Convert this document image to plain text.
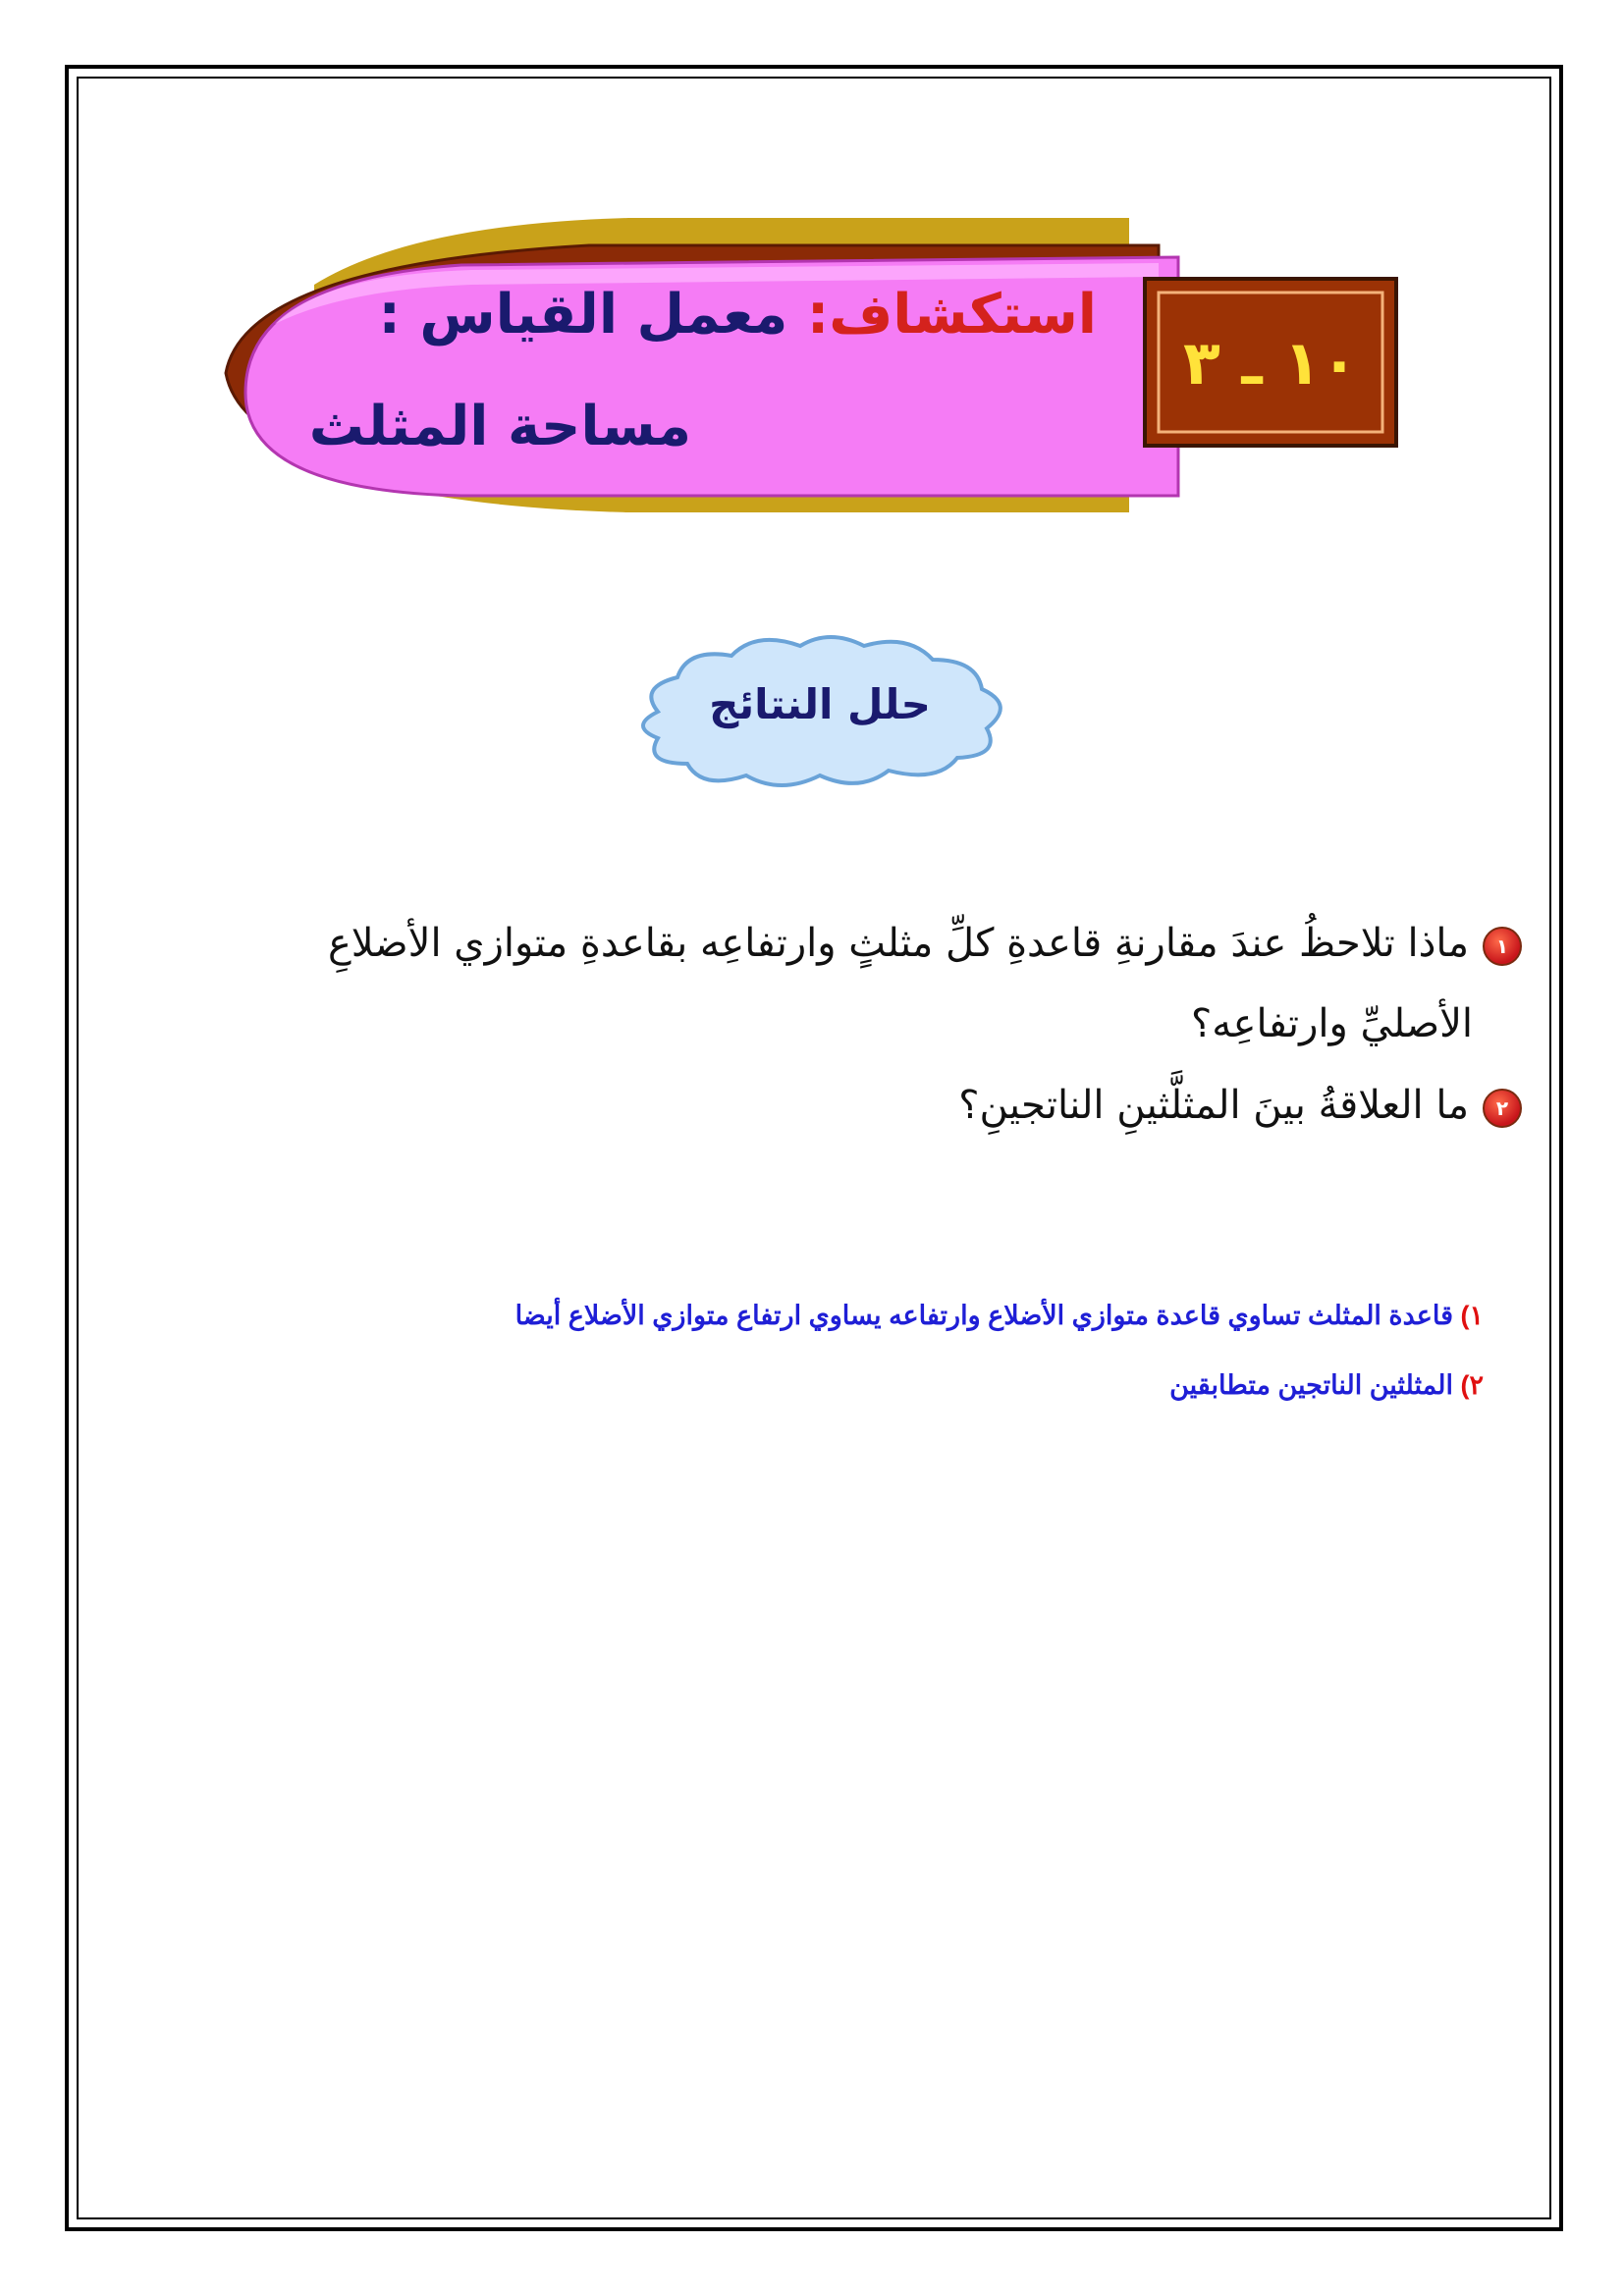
استكشاف: معمل القياس :
مساحة المثلث
١٠ ـ ٣
حلل النتائج
١ماذا تلاحظُ عندَ مقارنةِ قاعدةِ كلِّ مثلثٍ وارتفاعِه بقاعدةِ متوازي الأضلاعِ
الأصليِّ وارتفاعِه؟
٢ما العلاقةُ بينَ المثلَّثينِ الناتجينِ؟
١) قاعدة المثلث تساوي قاعدة متوازي الأضلاع وارتفاعه يساوي ارتفاع متوازي الأضلاع أيضا
٢) المثلثين الناتجين متطابقين
